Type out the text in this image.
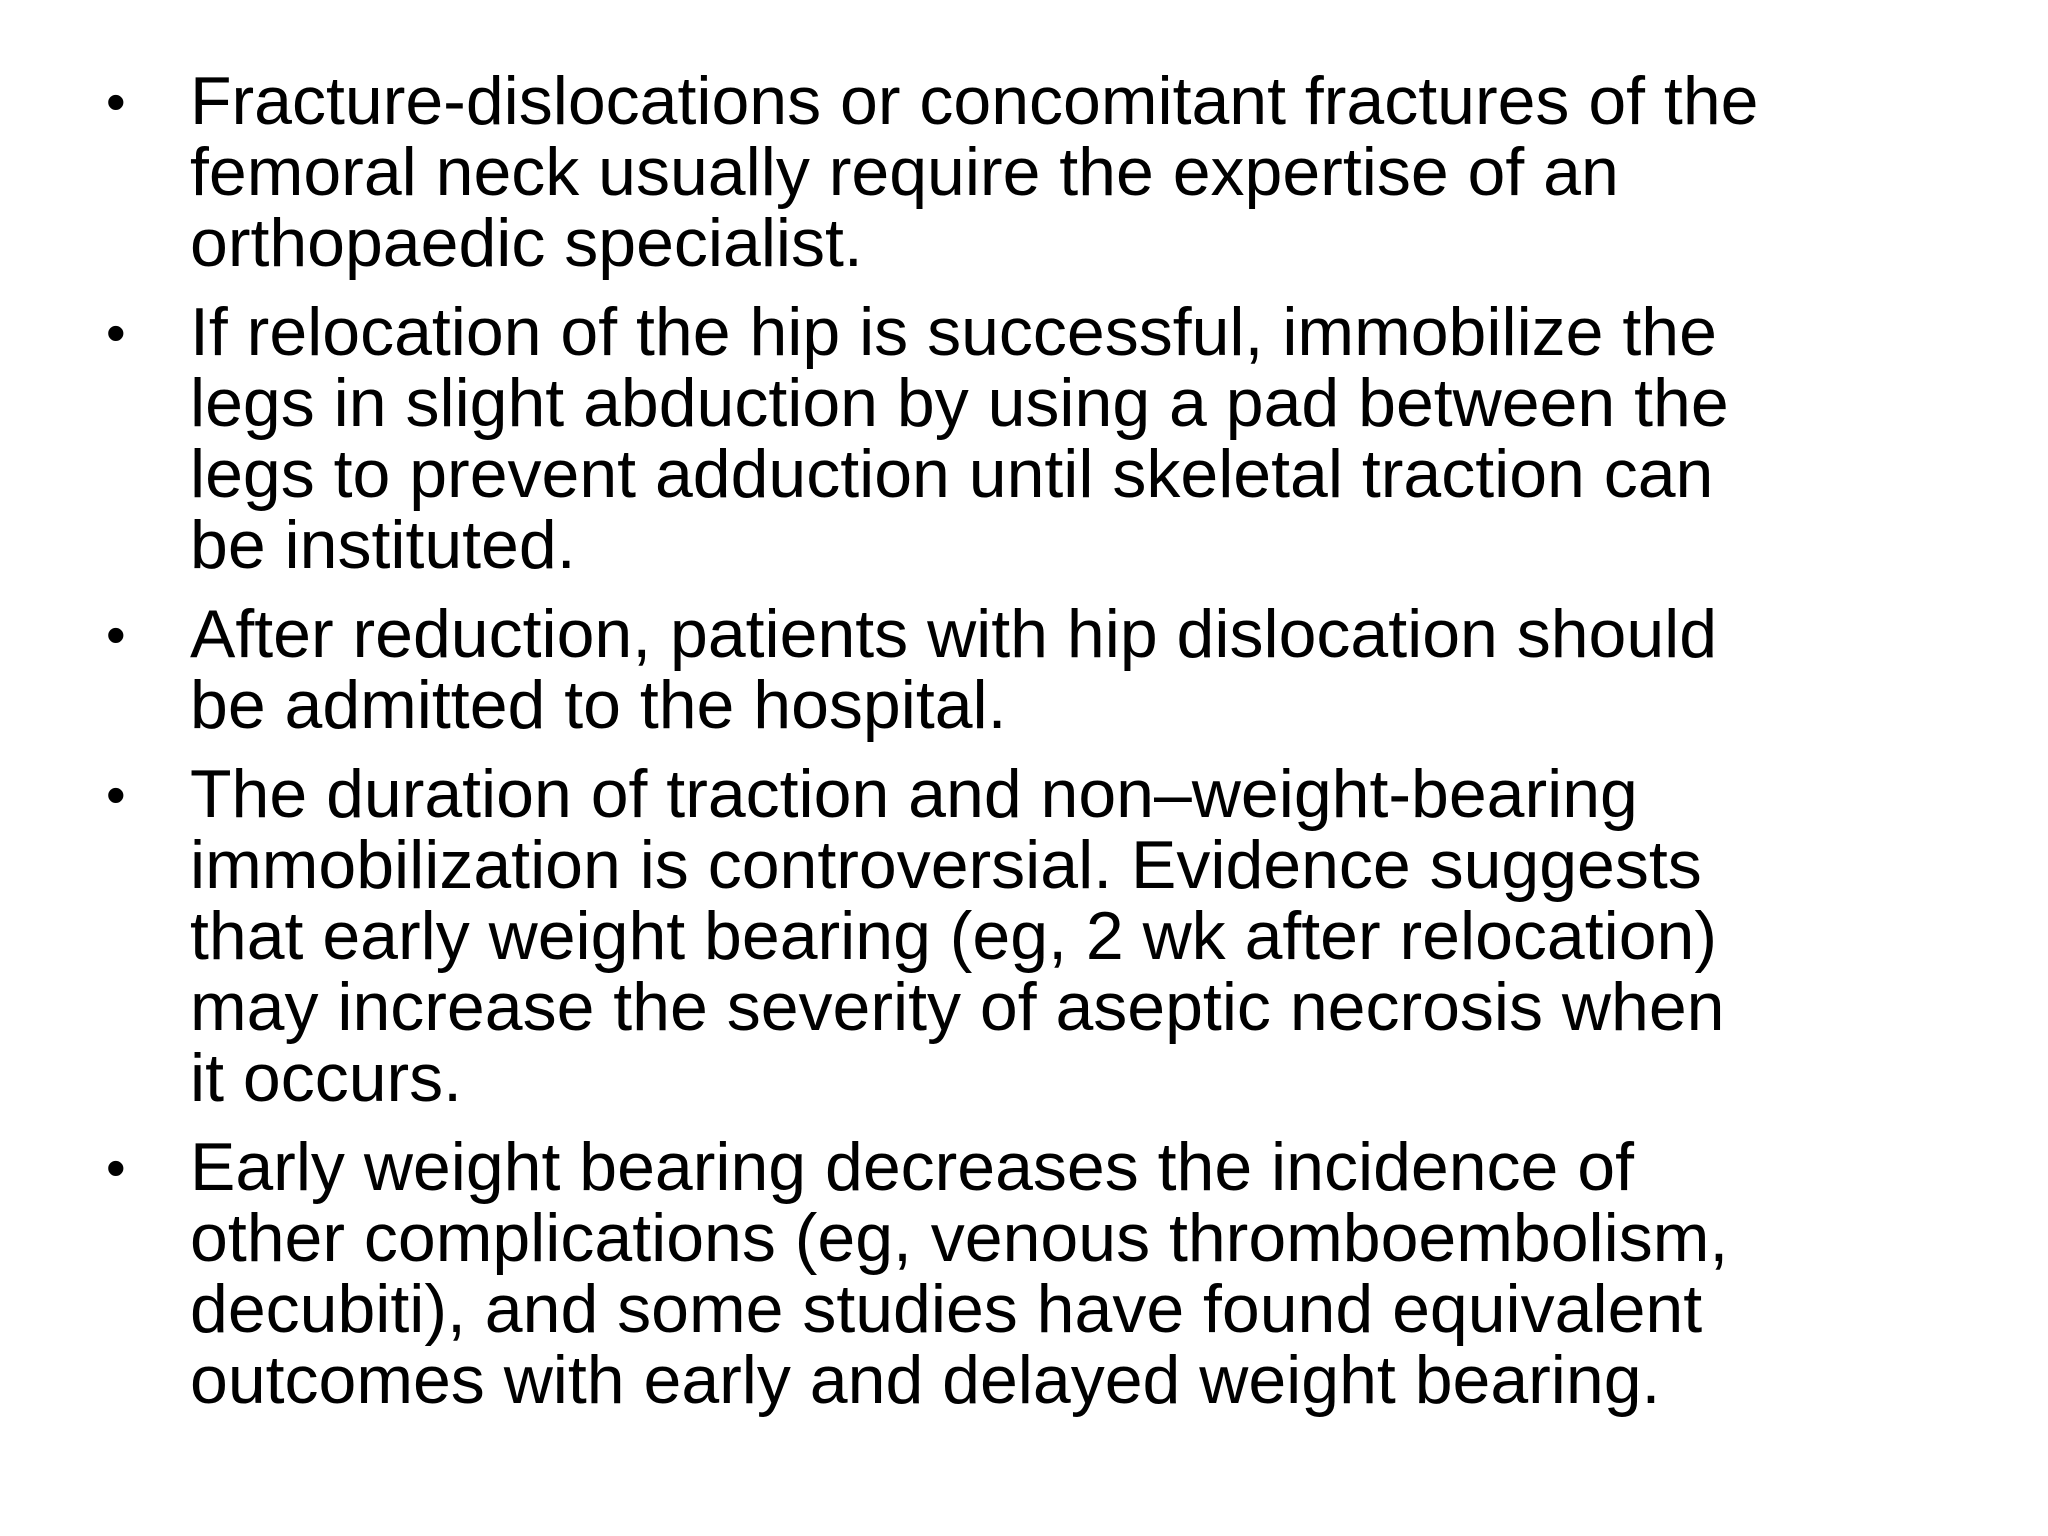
• Fracture-dislocations or concomitant fractures of the
femoral neck usually require the expertise of an
orthopaedic specialist.
• If relocation of the hip is successful, immobilize the
legs in slight abduction by using a pad between the
legs to prevent adduction until skeletal traction can
be instituted.
• After reduction, patients with hip dislocation should
be admitted to the hospital.
• The duration of traction and non–weight-bearing
immobilization is controversial. Evidence suggests
that early weight bearing (eg, 2 wk after relocation)
may increase the severity of aseptic necrosis when
it occurs.
• Early weight bearing decreases the incidence of
other complications (eg, venous thromboembolism,
decubiti), and some studies have found equivalent
outcomes with early and delayed weight bearing.
